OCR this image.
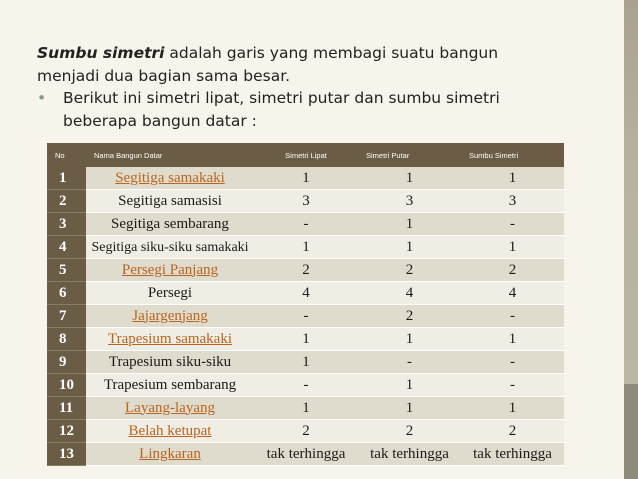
Sumbu simetri adalah garis yang membagi suatu bangun
menjadi dua bagian sama besar.

• Berikut ini simetri lipat, simetri putar dan sumbu simetri
beberapa bangun datar :

No	Nama Bangun Datar	Simetri Lipat	Simetri Putar	Sumbu Simetri
1	Segitiga samakaki	1	1	1
2	Segitiga samasisi	3	3	3
3	Segitiga sembarang	-	1	-
4	Segitiga siku-siku samakaki	1	1	1
5	Persegi Panjang	2	2	2
6	Persegi	4	4	4
7	Jajargenjang	-	2	-
8	Trapesium samakaki	1	1	1
9	Trapesium siku-siku	1	-	-
10	Trapesium sembarang	-	1	-
11	Layang-layang	1	1	1
12	Belah ketupat	2	2	2
13	Lingkaran	tak terhingga	tak terhingga	tak terhingga
